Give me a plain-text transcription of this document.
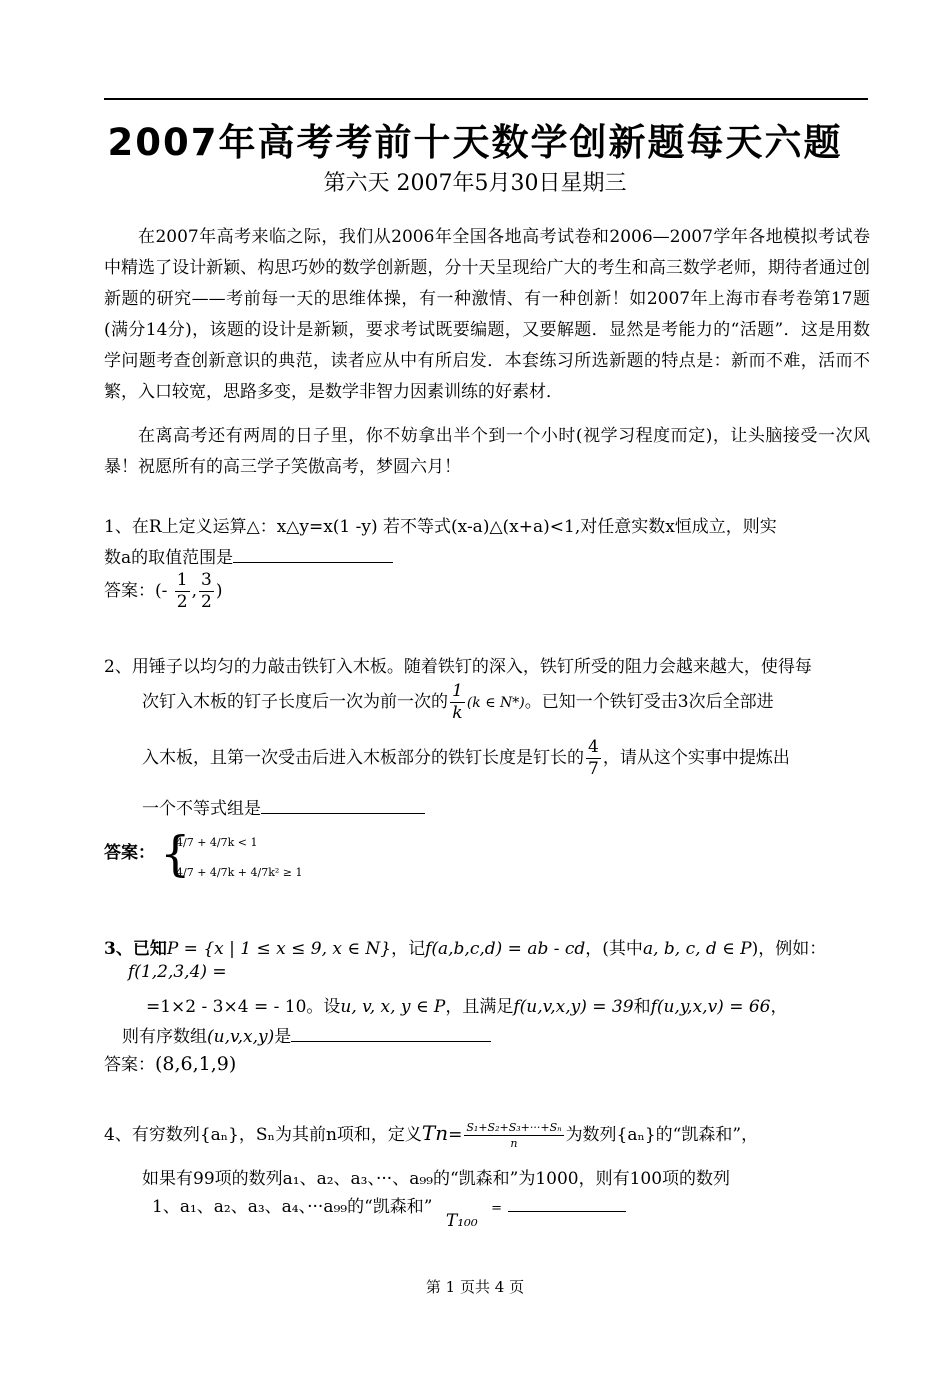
2007年高考考前十天数学创新题每天六题
第六天 2007年5月30日星期三
在2007年高考来临之际，我们从2006年全国各地高考试卷和2006—2007学年各地模拟考试卷中精选了设计新颖、构思巧妙的数学创新题，分十天呈现给广大的考生和高三数学老师，期待者通过创新题的研究——考前每一天的思维体操，有一种激情、有一种创新！如2007年上海市春考卷第17题(满分14分)，该题的设计是新颖，要求考试既要编题，又要解题．显然是考能力的“活题”．这是用数学问题考查创新意识的典范，读者应从中有所启发．本套练习所选新题的特点是：新而不难，活而不繁，入口较宽，思路多变，是数学非智力因素训练的好素材．
在离高考还有两周的日子里，你不妨拿出半个到一个小时(视学习程度而定)，让头脑接受一次风暴！祝愿所有的高三学子笑傲高考，梦圆六月！
1、在R上定义运算△：x△y=x(1 -y) 若不等式(x-a)△(x+a)<1,对任意实数x恒成立，则实
数a的取值范围是
答案：(- $\frac{1}{2}$ , $\frac{3}{2}$ )
2、用锤子以均匀的力敲击铁钉入木板。随着铁钉的深入，铁钉所受的阻力会越来越大，使得每
次钉入木板的钉子长度后一次为前一次的 $\frac{1}{k} (k$ ∈ N*)。已知一个铁钉受击3次后全部进
入木板，且第一次受击后进入木板部分的铁钉长度是钉长的 $\frac{4}{7}$ ，请从这个实事中提炼出
一个不等式组是
答案： {
4/7 + 4/7k < 1
4/7 + 4/7k + 4/7k² ≥ 1
3、已知P = {x | 1 ≤ x ≤ 9, x ∈ N}，记f(a,b,c,d) = ab - cd，(其中a, b, c, d ∈ P)，例如：
f(1,2,3,4) =
=1×2 - 3×4 = - 10。设u, v, x, y ∈ P，且满足f(u,v,x,y) = 39和f(u,y,x,v) = 66，
则有序数组(u,v,x,y)是
答案：(8,6,1,9)
4、有穷数列{aₙ}，Sₙ为其前n项和，定义$Tn= \frac{\text{S₁+S₂+S₃+···+Sₙ}}{n}$ 为数列{aₙ}的“凯森和”，
如果有99项的数列a₁、a₂、a₃、···、a₉₉的“凯森和”为1000，则有100项的数列
1、a₁、a₂、a₃、a₄、···a₉₉的“凯森和” T₁₀₀ =
第 1 页共 4 页
